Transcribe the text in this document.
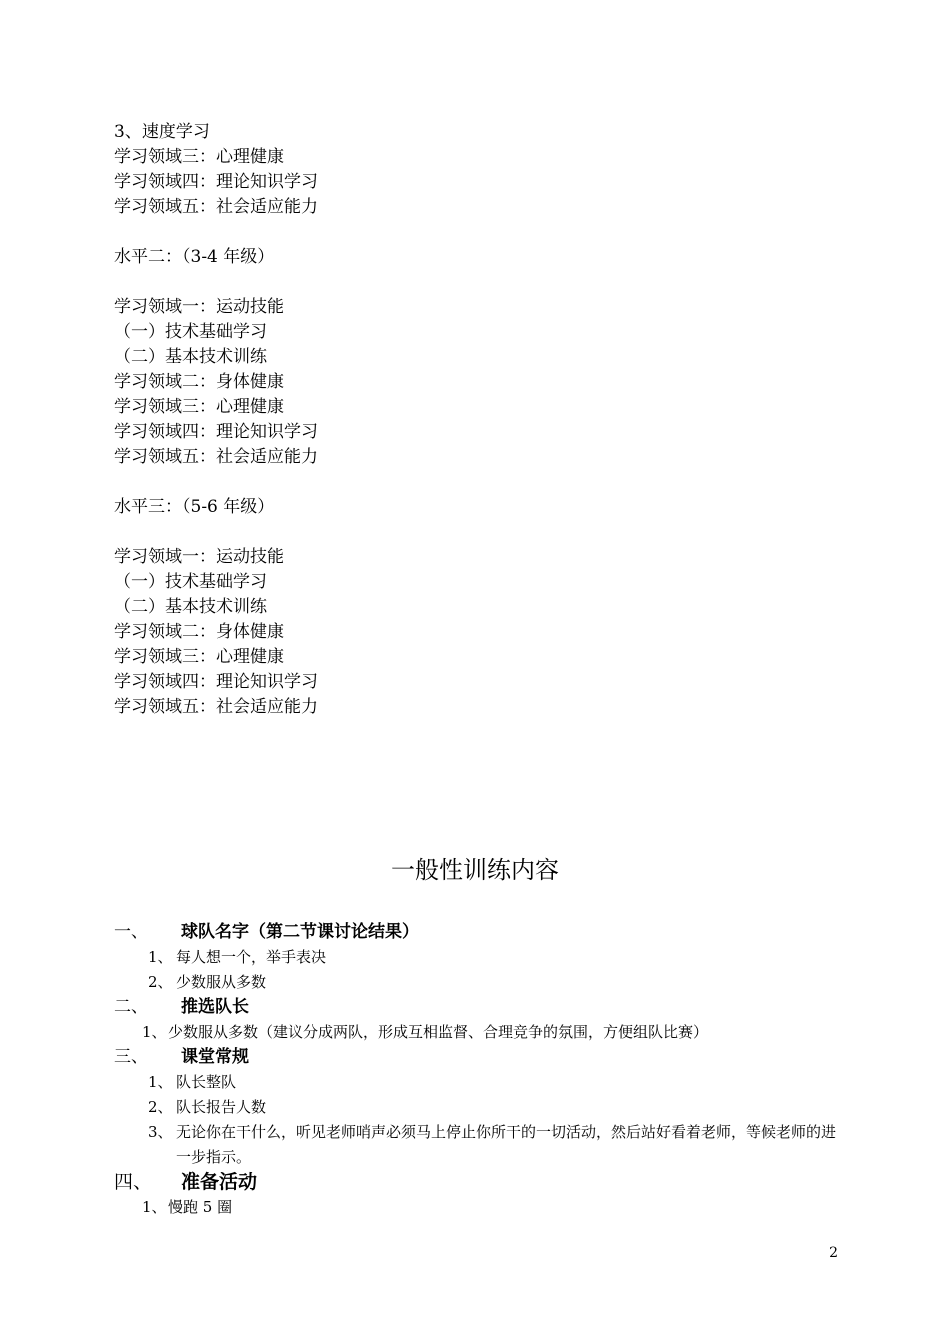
3、速度学习
学习领域三：心理健康
学习领域四：理论知识学习
学习领域五：社会适应能力
水平二：（3-4 年级）
学习领域一：运动技能
（一）技术基础学习
（二）基本技术训练
学习领域二：身体健康
学习领域三：心理健康
学习领域四：理论知识学习
学习领域五：社会适应能力
水平三：（5-6 年级）
学习领域一：运动技能
（一）技术基础学习
（二）基本技术训练
学习领域二：身体健康
学习领域三：心理健康
学习领域四：理论知识学习
学习领域五：社会适应能力
一般性训练内容
一、	球队名字（第二节课讨论结果）
1、 每人想一个，举手表决
2、 少数服从多数
二、	推选队长
1、 少数服从多数（建议分成两队，形成互相监督、合理竞争的氛围，方便组队比赛）
三、	课堂常规
1、 队长整队
2、 队长报告人数
3、 无论你在干什么，听见老师哨声必须马上停止你所干的一切活动，然后站好看着老师，等候老师的进一步指示。
四、	准备活动
1、 慢跑 5 圈
2
